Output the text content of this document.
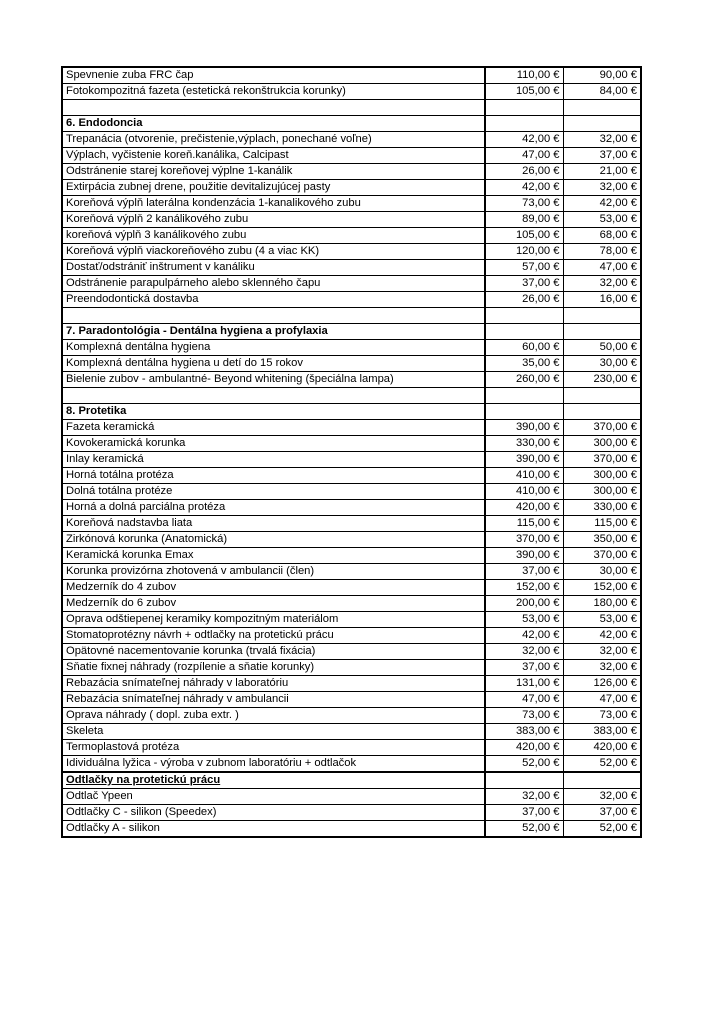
Spevnenie zuba FRC čap	110,00 €	90,00 €
Fotokompozitná fazeta (estetická rekonštrukcia korunky)	105,00 €	84,00 €

6. Endodoncia		
Trepanácia (otvorenie, prečistenie,výplach, ponechané voľne)	42,00 €	32,00 €
Výplach, vyčistenie koreň.kanálika, Calcipast	47,00 €	37,00 €
Odstránenie starej koreňovej výplne 1-kanálik	26,00 €	21,00 €
Extirpácia zubnej drene, použitie devitalizujúcej pasty	42,00 €	32,00 €
Koreňová výplň laterálna kondenzácia 1-kanalikového zubu	73,00 €	42,00 €
Koreňová výplň 2 kanálikového zubu	89,00 €	53,00 €
koreňová výplň 3 kanálikového zubu	105,00 €	68,00 €
Koreňová výplň viackoreňového zubu (4 a viac KK)	120,00 €	78,00 €
Dostať/odstrániť inštrument v kanáliku	57,00 €	47,00 €
Odstránenie parapulpárneho alebo sklenného čapu	37,00 €	32,00 €
Preendodontická dostavba	26,00 €	16,00 €

7. Paradontológia - Dentálna hygiena a profylaxia		
Komplexná dentálna hygiena	60,00 €	50,00 €
Komplexná dentálna hygiena u detí do 15 rokov	35,00 €	30,00 €
Bielenie zubov - ambulantné- Beyond whitening (špeciálna lampa)	260,00 €	230,00 €

8. Protetika		
Fazeta keramická	390,00 €	370,00 €
Kovokeramická korunka	330,00 €	300,00 €
Inlay keramická	390,00 €	370,00 €
Horná totálna protéza	410,00 €	300,00 €
Dolná totálna protéze	410,00 €	300,00 €
Horná a dolná parciálna protéza	420,00 €	330,00 €
Koreňová nadstavba liata	115,00 €	115,00 €
Zirkónová korunka (Anatomická)	370,00 €	350,00 €
Keramická korunka Emax	390,00 €	370,00 €
Korunka provizórna zhotovená v ambulancii (člen)	37,00 €	30,00 €
Medzerník do 4 zubov	152,00 €	152,00 €
Medzerník do 6 zubov	200,00 €	180,00 €
Oprava odštiepenej keramiky kompozitným materiálom	53,00 €	53,00 €
Stomatoprotézny návrh + odtlačky na protetickú prácu	42,00 €	42,00 €
Opätovné nacementovanie korunka (trvalá fixácia)	32,00 €	32,00 €
Sňatie fixnej náhrady (rozpílenie a sňatie korunky)	37,00 €	32,00 €
Rebazácia snímateľnej náhrady v laboratóriu	131,00 €	126,00 €
Rebazácia snímateľnej náhrady v ambulancii	47,00 €	47,00 €
Oprava náhrady ( dopl. zuba extr. )	73,00 €	73,00 €
Skeleta	383,00 €	383,00 €
Termoplastová protéza	420,00 €	420,00 €
Idividuálna lyžica - výroba v zubnom laboratóriu + odtlačok	52,00 €	52,00 €
Odtlačky na protetickú prácu		
Odtlač Ypeen	32,00 €	32,00 €
Odtlačky C - silikon (Speedex)	37,00 €	37,00 €
Odtlačky A - silikon	52,00 €	52,00 €
